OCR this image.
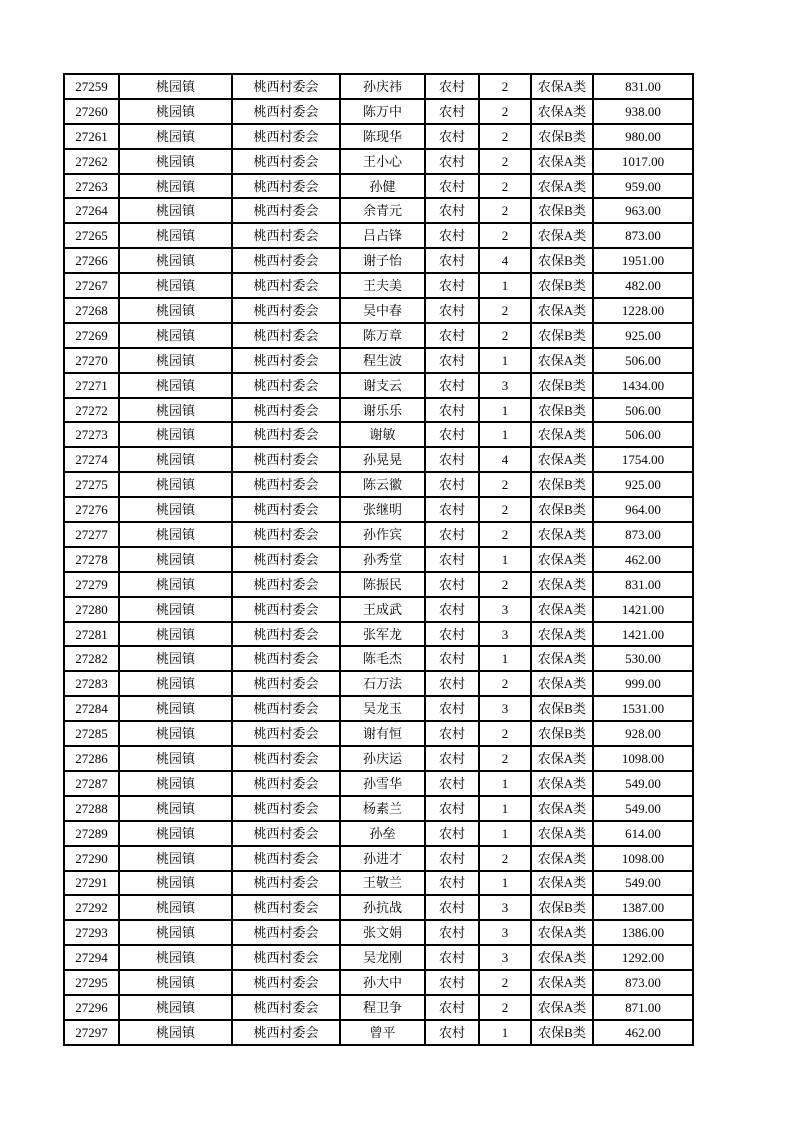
27259	桃园镇	桃西村委会	孙庆祎	农村	2	农保A类	831.00
27260	桃园镇	桃西村委会	陈万中	农村	2	农保A类	938.00
27261	桃园镇	桃西村委会	陈现华	农村	2	农保B类	980.00
27262	桃园镇	桃西村委会	王小心	农村	2	农保A类	1017.00
27263	桃园镇	桃西村委会	孙健	农村	2	农保A类	959.00
27264	桃园镇	桃西村委会	余青元	农村	2	农保B类	963.00
27265	桃园镇	桃西村委会	吕占锋	农村	2	农保A类	873.00
27266	桃园镇	桃西村委会	谢子怡	农村	4	农保B类	1951.00
27267	桃园镇	桃西村委会	王夫美	农村	1	农保B类	482.00
27268	桃园镇	桃西村委会	吴中春	农村	2	农保A类	1228.00
27269	桃园镇	桃西村委会	陈万章	农村	2	农保B类	925.00
27270	桃园镇	桃西村委会	程生波	农村	1	农保A类	506.00
27271	桃园镇	桃西村委会	谢支云	农村	3	农保B类	1434.00
27272	桃园镇	桃西村委会	谢乐乐	农村	1	农保B类	506.00
27273	桃园镇	桃西村委会	谢敏	农村	1	农保A类	506.00
27274	桃园镇	桃西村委会	孙晃晃	农村	4	农保A类	1754.00
27275	桃园镇	桃西村委会	陈云徽	农村	2	农保B类	925.00
27276	桃园镇	桃西村委会	张继明	农村	2	农保B类	964.00
27277	桃园镇	桃西村委会	孙作宾	农村	2	农保A类	873.00
27278	桃园镇	桃西村委会	孙秀堂	农村	1	农保A类	462.00
27279	桃园镇	桃西村委会	陈振民	农村	2	农保A类	831.00
27280	桃园镇	桃西村委会	王成武	农村	3	农保A类	1421.00
27281	桃园镇	桃西村委会	张军龙	农村	3	农保A类	1421.00
27282	桃园镇	桃西村委会	陈毛杰	农村	1	农保A类	530.00
27283	桃园镇	桃西村委会	石万法	农村	2	农保A类	999.00
27284	桃园镇	桃西村委会	吴龙玉	农村	3	农保B类	1531.00
27285	桃园镇	桃西村委会	谢有恒	农村	2	农保B类	928.00
27286	桃园镇	桃西村委会	孙庆运	农村	2	农保A类	1098.00
27287	桃园镇	桃西村委会	孙雪华	农村	1	农保A类	549.00
27288	桃园镇	桃西村委会	杨素兰	农村	1	农保A类	549.00
27289	桃园镇	桃西村委会	孙垒	农村	1	农保A类	614.00
27290	桃园镇	桃西村委会	孙进才	农村	2	农保A类	1098.00
27291	桃园镇	桃西村委会	王敬兰	农村	1	农保A类	549.00
27292	桃园镇	桃西村委会	孙抗战	农村	3	农保B类	1387.00
27293	桃园镇	桃西村委会	张文娟	农村	3	农保A类	1386.00
27294	桃园镇	桃西村委会	吴龙刚	农村	3	农保A类	1292.00
27295	桃园镇	桃西村委会	孙大中	农村	2	农保A类	873.00
27296	桃园镇	桃西村委会	程卫争	农村	2	农保A类	871.00
27297	桃园镇	桃西村委会	曾平	农村	1	农保B类	462.00
